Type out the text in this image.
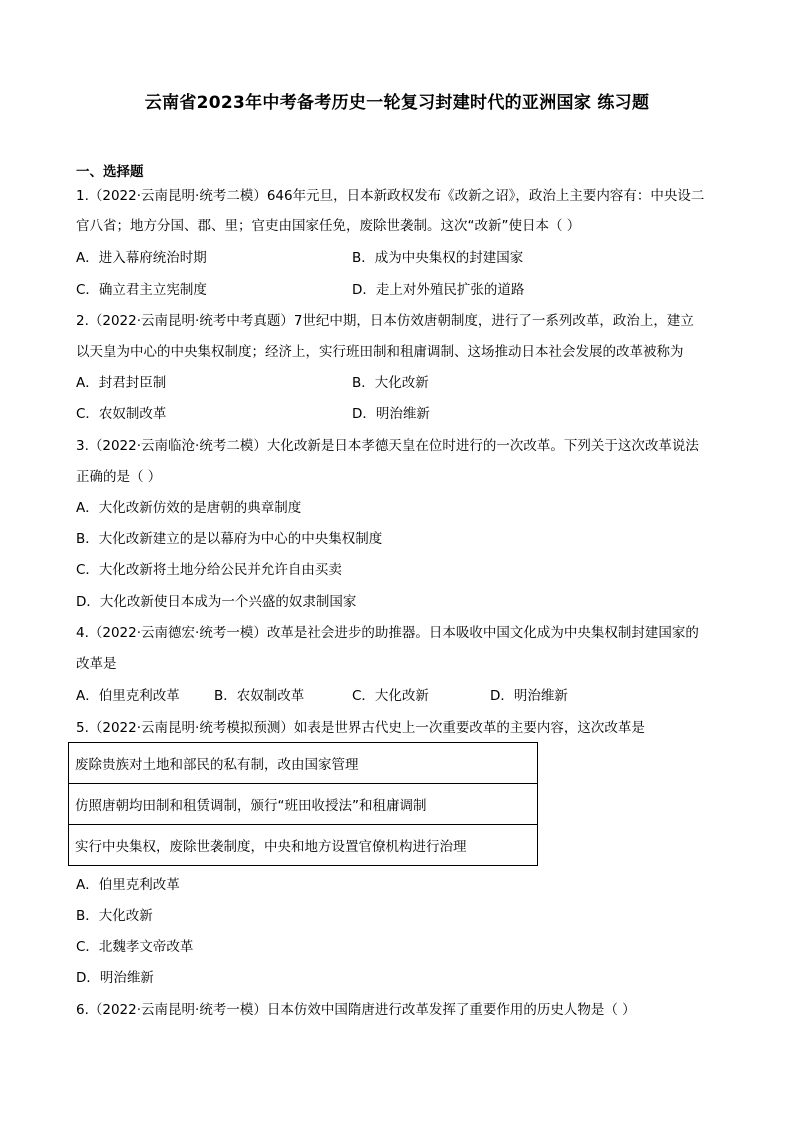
云南省2023年中考备考历史一轮复习封建时代的亚洲国家 练习题
一、选择题
1.（2022·云南昆明·统考二模）646年元旦，日本新政权发布《改新之诏》，政治上主要内容有：中央设二
官八省；地方分国、郡、里；官吏由国家任免，废除世袭制。这次“改新”使日本（ ）
A．进入幕府统治时期	B．成为中央集权的封建国家
C．确立君主立宪制度	D．走上对外殖民扩张的道路
2.（2022·云南昆明·统考中考真题）7世纪中期，日本仿效唐朝制度，进行了一系列改革，政治上，建立
以天皇为中心的中央集权制度；经济上，实行班田制和租庸调制、这场推动日本社会发展的改革被称为
A．封君封臣制	B．大化改新
C．农奴制改革	D．明治维新
3.（2022·云南临沧·统考二模）大化改新是日本孝德天皇在位时进行的一次改革。下列关于这次改革说法
正确的是（ ）
A．大化改新仿效的是唐朝的典章制度
B．大化改新建立的是以幕府为中心的中央集权制度
C．大化改新将土地分给公民并允许自由买卖
D．大化改新使日本成为一个兴盛的奴隶制国家
4.（2022·云南德宏·统考一模）改革是社会进步的助推器。日本吸收中国文化成为中央集权制封建国家的
改革是
A．伯里克利改革	B．农奴制改革	C．大化改新	D．明治维新
5.（2022·云南昆明·统考模拟预测）如表是世界古代史上一次重要改革的主要内容，这次改革是
废除贵族对土地和部民的私有制，改由国家管理
仿照唐朝均田制和租赁调制，颁行“班田收授法”和租庸调制
实行中央集权，废除世袭制度，中央和地方设置官僚机构进行治理
A．伯里克利改革
B．大化改新
C．北魏孝文帝改革
D．明治维新
6.（2022·云南昆明·统考一模）日本仿效中国隋唐进行改革发挥了重要作用的历史人物是（ ）
